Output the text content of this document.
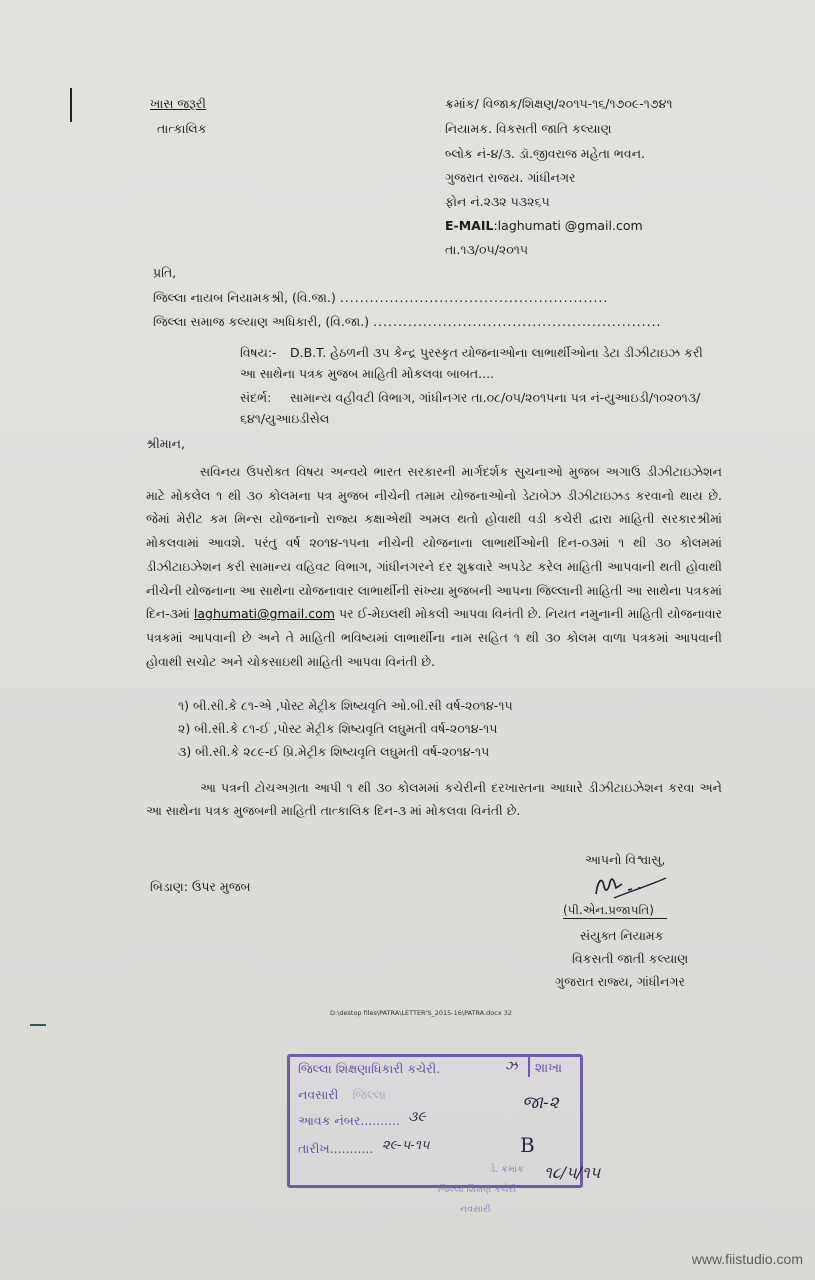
ખાસ જરૂરી
તાત્કાલિક
ક્રમાંક/ વિજાક/શિક્ષણ/૨૦૧૫-૧૬/૧૭૦૯-૧૭૪૧
નિયામક. વિકસતી જાતિ કલ્યાણ
બ્લોક નં-૪/૩. ડૉ.જીવરાજ મહેતા ભવન.
ગુજરાત રાજય. ગાંધીનગર
ફોન નં.૨૩૨ ૫૩૨૬૫
E-MAIL:laghumati @gmail.com
તા.૧૩/૦૫/૨૦૧૫
પ્રતિ,
જિલ્લા નાયબ નિયામકશ્રી, (વિ.જા.) ......................................................
જિલ્લા સમાજ કલ્યાણ અધિકારી, (વિ.જા.) ..........................................................
વિષય:- D.B.T. હેઠળની ૩૫ કેન્દ્ર પુરસ્કૃત યોજનાઓના લાભાર્થીઓના ડેટા ડીઝીટાઇઝ કરી આ સાથેના પત્રક મુજબ માહિતી મોકલવા બાબત....
સંદર્ભ: સામાન્ય વહીવટી વિભાગ, ગાંધીનગર તા.૦૮/૦૫/૨૦૧૫ના પત્ર નં-યુઆઇડી/૧૦૨૦૧૩/ ૬૪૧/યુઆઇડીસેલ
શ્રીમાન,
સવિનય ઉપરોક્ત વિષય અન્વયે ભારત સરકારની માર્ગદર્શક સુચનાઓ મુજબ અગાઉ ડીઝીટાઇઝેશન માટે મોકલેલ ૧ થી ૩૦ કોલમના પત્ર મુજબ નીચેની તમામ યોજનાઓનો ડેટાબેઝ ડીઝીટાઇઝડ કરવાનો થાય છે. જેમાં મેરીટ કમ મિન્સ યોજનાનો રાજ્ય કક્ષાએથી અમલ થતો હોવાથી વડી કચેરી દ્વારા માહિતી સરકારશ્રીમાં મોકલવામાં આવશે. પરંતુ વર્ષ ૨૦૧૪-૧૫ના નીચેની યોજનાના લાભાર્થીઓની દિન-૦૩માં ૧ થી ૩૦ કોલમમાં ડીઝીટાઇઝેશન કરી સામાન્ય વહિવટ વિભાગ, ગાંધીનગરને દર શુક્રવારે અપડેટ કરેલ માહિતી આપવાની થતી હોવાથી નીચેની યોજનાના આ સાથેના યોજનાવાર લાભાર્થીની સંખ્યા મુજબની આપના જિલ્લાની માહિતી આ સાથેના પત્રકમાં દિન-૩માં laghumati@gmail.com પર ઈ-મેઇલથી મોકલી આપવા વિનંતી છે. નિયત નમુનાની માહિતી યોજનાવાર પત્રકમાં આપવાની છે અને તે માહિતી ભવિષ્યમાં લાભાર્થીના નામ સહિત ૧ થી ૩૦ કોલમ વાળા પત્રકમાં આપવાની હોવાથી સચોટ અને ચોકસાઇથી માહિતી આપવા વિનંતી છે.
૧) બી.સી.કે ૮૧-એ ,પોસ્ટ મેટ્રીક શિષ્યવૃતિ ઓ.બી.સી વર્ષ-૨૦૧૪-૧૫
૨) બી.સી.કે ૮૧-ઈ ,પોસ્ટ મેટ્રીક શિષ્યવૃતિ લઘુમતી વર્ષ-૨૦૧૪-૧૫
૩) બી.સી.કે ૨૮૯-ઈ પ્રિ.મેટ્રીક શિષ્યવૃતિ લઘુમતી વર્ષ-૨૦૧૪-૧૫
આ પત્રની ટોચઅગ્રતા આપી ૧ થી ૩૦ કોલમમાં કચેરીની દરખાસ્તના આધારે ડીઝીટાઇઝેશન કરવા અને આ સાથેના પત્રક મુજબની માહિતી તાત્કાલિક દિન-૩ માં મોકલવા વિનંતી છે.
આપનો વિશ્વાસુ,
(પી.એન.પ્રજાપતિ)
સંયુક્ત નિયામક
વિકસતી જાતી કલ્યાણ
ગુજરાત રાજ્ય, ગાંધીનગર
બિડાણ: ઉપર મુજબ
D:\destop files\PATRA\LETTER'S_2015-16\PATRA.docx 32
જિલ્લા શિક્ષણાધિકારી કચેરી.	ઝ શાખા
નવસારી જિલ્લા
આવક નંબર.......... ૩૯
તારીખ........... ૨૯-૫-૧૫
જા-૨
B
ડે. ક્રમાંક
જિલ્લા શિક્ષણ કચેરી
નવસારી
૧૮/૫/૧૫
www.fiistudio.com
